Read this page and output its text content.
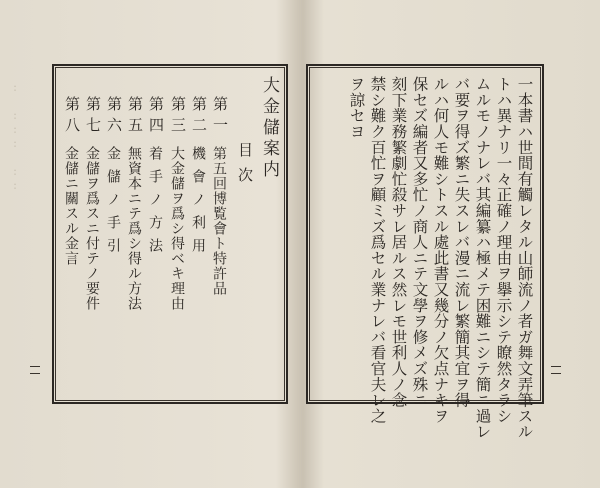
: ::: ::	大金儲案内
目次
第一
第五回博覧會ト特許品
第二
機會ノ利用
第三
大金儲ヲ爲シ得ベキ理由
第四
着手ノ方法
第五
無資本ニテ爲シ得ル方法
第六
金儲ノ手引
第七
金儲ヲ爲スニ付テノ要件
第八
金儲ニ關スル金言	一本書ハ世間有觸レタル山師流ノ者ガ舞文弄筆スル
トハ異ナリ一々正確ノ理由ヲ擧示シテ瞭然タラシ
ムルモノナレバ其編纂ハ極メテ困難ニシテ簡ニ過レ
バ要ヲ得ズ繁ニ失スレバ漫ニ流レ繁簡其宜ヲ得
ルハ何人モ難シトスル處此書又幾分ノ欠点ナキヲ
保セズ編者又多忙ノ商人ニテ文學ヲ修メズ殊ニ
刻下業務繁劇忙殺サレ居ルス然レモ世利人ノ念
禁シ難ク百忙ヲ顧ミズ爲セル業ナレバ看官夫レ之
ヲ諒セヨ
